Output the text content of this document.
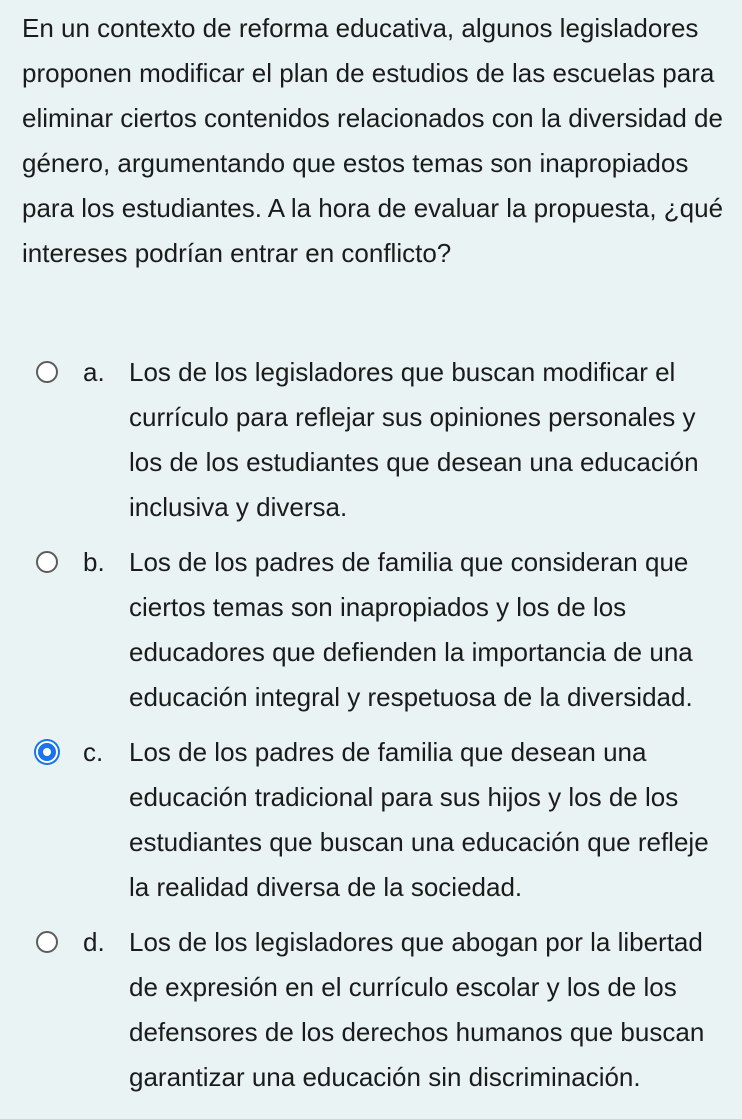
En un contexto de reforma educativa, algunos legisladores proponen modificar el plan de estudios de las escuelas para eliminar ciertos contenidos relacionados con la diversidad de género, argumentando que estos temas son inapropiados para los estudiantes. A la hora de evaluar la propuesta, ¿qué intereses podrían entrar en conflicto?

a. Los de los legisladores que buscan modificar el currículo para reflejar sus opiniones personales y los de los estudiantes que desean una educación inclusiva y diversa.
b. Los de los padres de familia que consideran que ciertos temas son inapropiados y los de los educadores que defienden la importancia de una educación integral y respetuosa de la diversidad.
c. Los de los padres de familia que desean una educación tradicional para sus hijos y los de los estudiantes que buscan una educación que refleje la realidad diversa de la sociedad.
d. Los de los legisladores que abogan por la libertad de expresión en el currículo escolar y los de los defensores de los derechos humanos que buscan garantizar una educación sin discriminación.
